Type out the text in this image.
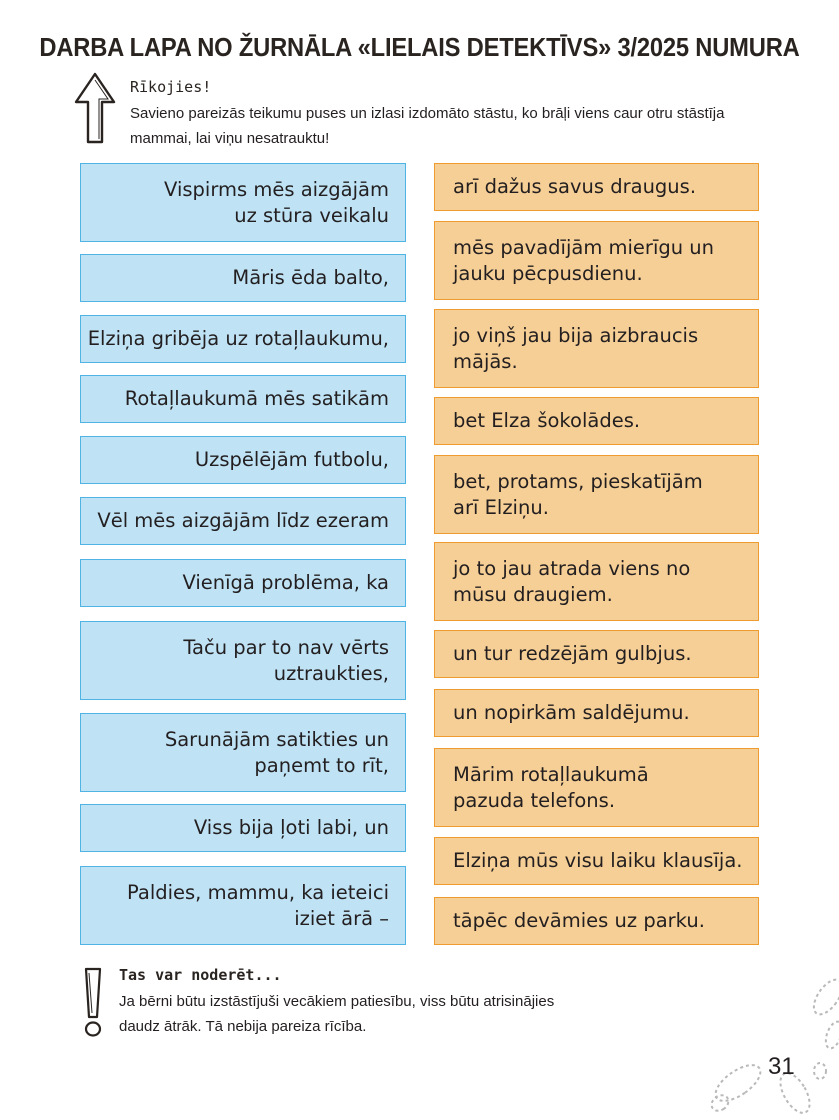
DARBA LAPA NO ŽURNĀLA «LIELAIS DETEKTĪVS» 3/2025 NUMURA
Rīkojies!
Savieno pareizās teikumu puses un izlasi izdomāto stāstu, ko brāļi viens caur otru stāstīja mammai, lai viņu nesatrauktu!
Vispirms mēs aizgājām
uz stūra veikalu
Māris ēda balto,
Elziņa gribēja uz rotaļlaukumu,
Rotaļlaukumā mēs satikām
Uzspēlējām futbolu,
Vēl mēs aizgājām līdz ezeram
Vienīgā problēma, ka
Taču par to nav vērts
uztraukties,
Sarunājām satikties un
paņemt to rīt,
Viss bija ļoti labi, un
Paldies, mammu, ka ieteici
iziet ārā –
arī dažus savus draugus.
mēs pavadījām mierīgu un
jauku pēcpusdienu.
jo viņš jau bija aizbraucis
mājās.
bet Elza šokolādes.
bet, protams, pieskatījām
arī Elziņu.
jo to jau atrada viens no
mūsu draugiem.
un tur redzējām gulbjus.
un nopirkām saldējumu.
Mārim rotaļlaukumā
pazuda telefons.
Elziņa mūs visu laiku klausīja.
tāpēc devāmies uz parku.
Tas var noderēt...
Ja bērni būtu izstāstījuši vecākiem patiesību, viss būtu atrisinājies daudz ātrāk. Tā nebija pareiza rīcība.
31
